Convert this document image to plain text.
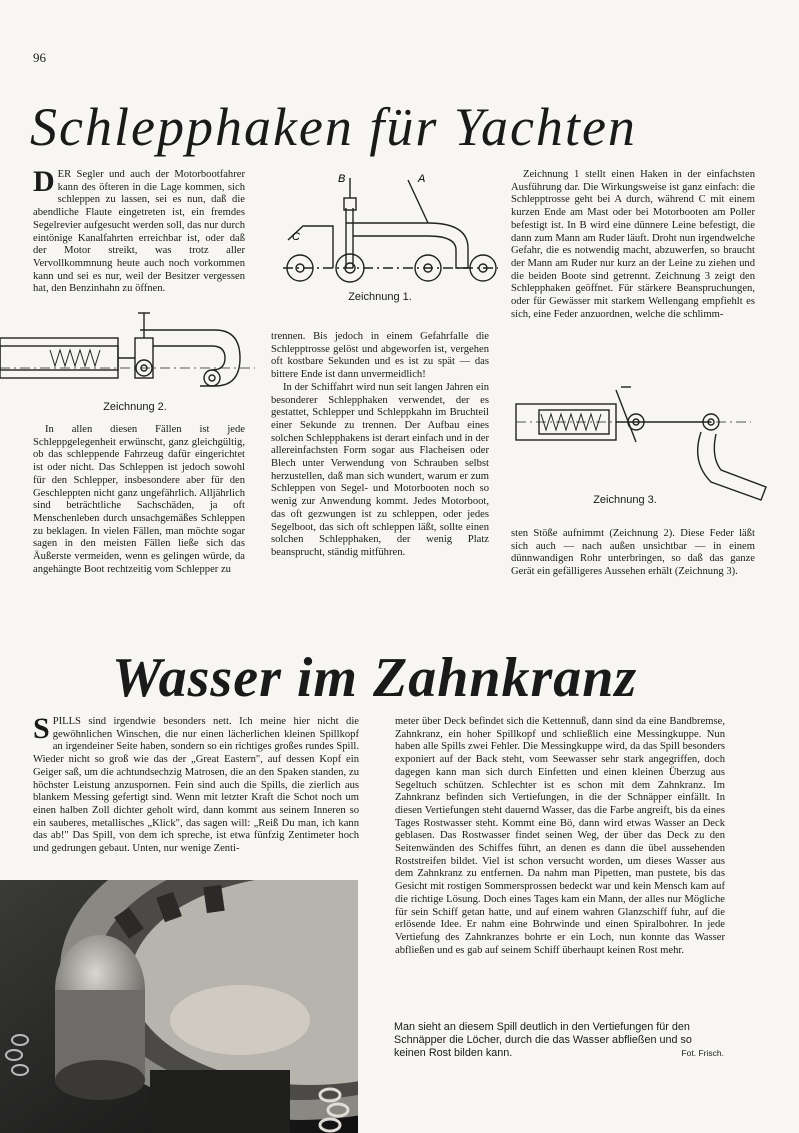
96
Schlepphaken für Yachten

DER Segler und auch der Motorbootfahrer kann des öfteren in die Lage kommen, sich schleppen zu lassen, sei es nun, daß die abendliche Flaute eingetreten ist, ein fremdes Segelrevier aufgesucht werden soll, das nur durch eintönige Kanalfahrten erreichbar ist, oder daß der Motor streikt, was trotz aller Vervollkommnung heute auch noch vorkommen kann und sei es nur, weil der Besitzer vergessen hat, den Benzinhahn zu öffnen.

B	A
C
Zeichnung 1.

Zeichnung 1 stellt einen Haken in der einfachsten Ausführung dar. Die Wirkungsweise ist ganz einfach: die Schlepptrosse geht bei A durch, während C mit einem kurzen Ende am Mast oder bei Motorbooten am Poller befestigt ist. In B wird eine dünnere Leine befestigt, die dann zum Mann am Ruder läuft. Droht nun irgendwelche Gefahr, die es notwendig macht, abzuwerfen, so braucht der Mann am Ruder nur kurz an der Leine zu ziehen und die beiden Boote sind getrennt. Zeichnung 3 zeigt den Schlepphaken geöffnet. Für stärkere Beanspruchungen, oder für Gewässer mit starkem Wellengang empfiehlt es sich, eine Feder anzuordnen, welche die schlimm-

Zeichnung 2.

In allen diesen Fällen ist jede Schleppgelegenheit erwünscht, ganz gleichgültig, ob das schleppende Fahrzeug dafür eingerichtet ist oder nicht. Das Schleppen ist jedoch sowohl für den Schlepper, insbesondere aber für den Geschleppten nicht ganz ungefährlich. Alljährlich sind beträchtliche Sachschäden, ja oft Menschenleben durch unsachgemäßes Schleppen zu beklagen. In vielen Fällen, man möchte sogar sagen in den meisten Fällen ließe sich das Äußerste vermeiden, wenn es gelingen würde, da angehängte Boot rechtzeitig vom Schlepper zu

trennen. Bis jedoch in einem Gefahrfalle die Schlepptrosse gelöst und abgeworfen ist, vergehen oft kostbare Sekunden und es ist zu spät — das bittere Ende ist dann unvermeidlich!

In der Schiffahrt wird nun seit langen Jahren ein besonderer Schlepphaken verwendet, der es gestattet, Schlepper und Schleppkahn im Bruchteil einer Sekunde zu trennen. Der Aufbau eines solchen Schlepphakens ist derart einfach und in der allereinfachsten Form sogar aus Flacheisen oder Blech unter Verwendung von Schrauben selbst herzustellen, daß man sich wundert, warum er zum Schleppen von Segel- und Motorbooten noch so wenig zur Anwendung kommt. Jedes Motorboot, das oft gezwungen ist zu schleppen, oder jedes Segelboot, das sich oft schleppen läßt, sollte einen solchen Schlepphaken, der wenig Platz beansprucht, ständig mitführen.

Zeichnung 3.

sten Stöße aufnimmt (Zeichnung 2). Diese Feder läßt sich auch — nach außen unsichtbar — in einem dünnwandigen Rohr unterbringen, so daß das ganze Gerät ein gefälligeres Aussehen erhält (Zeichnung 3).

Wasser im Zahnkranz

SPILLS sind irgendwie besonders nett. Ich meine hier nicht die gewöhnlichen Winschen, die nur einen lächerlichen kleinen Spillkopf an irgendeiner Seite haben, sondern so ein richtiges großes rundes Spill. Wieder nicht so groß wie das der „Great Eastern", auf dessen Kopf ein Geiger saß, um die achtundsechzig Matrosen, die an den Spaken standen, zu höchster Leistung anzuspornen. Fein sind auch die Spills, die zierlich aus blankem Messing gefertigt sind. Wenn mit letzter Kraft die Schot noch um einen halben Zoll dichter geholt wird, dann kommt aus seinem Inneren so ein sauberes, metallisches „Klick", das sagen will: „Reiß Du man, ich kann das ab!" Das Spill, von dem ich spreche, ist etwa fünfzig Zentimeter hoch und gedrungen gebaut. Unten, nur wenige Zenti-

meter über Deck befindet sich die Kettennuß, dann sind da eine Bandbremse, Zahnkranz, ein hoher Spillkopf und schließlich eine Messingkuppe. Nun haben alle Spills zwei Fehler. Die Messingkuppe wird, da das Spill besonders exponiert auf der Back steht, vom Seewasser sehr stark angegriffen, doch dagegen kann man sich durch Einfetten und einen kleinen Überzug aus Segeltuch schützen. Schlechter ist es schon mit dem Zahnkranz. Im Zahnkranz befinden sich Vertiefungen, in die der Schnäpper einfällt. In diesen Vertiefungen steht dauernd Wasser, das die Farbe angreift, bis da eines Tages Rostwasser steht. Kommt eine Bö, dann wird etwas Wasser an Deck geblasen. Das Rostwasser findet seinen Weg, der über das Deck zu den Seitenwänden des Schiffes führt, an denen es dann die übel aussehenden Roststreifen bildet. Viel ist schon versucht worden, um dieses Wasser aus dem Zahnkranz zu entfernen. Da nahm man Pipetten, man pustete, bis das Gesicht mit rostigen Sommersprossen bedeckt war und kein Mensch kam auf die richtige Lösung. Doch eines Tages kam ein Mann, der alles nur Mögliche für sein Schiff getan hatte, und auf einem wahren Glanzschiff fuhr, auf die erlösende Idee. Er nahm eine Bohrwinde und einen Spiralbohrer. In jede Vertiefung des Zahnkranzes bohrte er ein Loch, nun konnte das Wasser abfließen und es gab auf seinem Schiff überhaupt keinen Rost mehr.

Man sieht an diesem Spill deutlich in den Vertiefungen für den Schnäpper die Löcher, durch die das Wasser abfließen und so keinen Rost bilden kann.	Fot. Frisch.
